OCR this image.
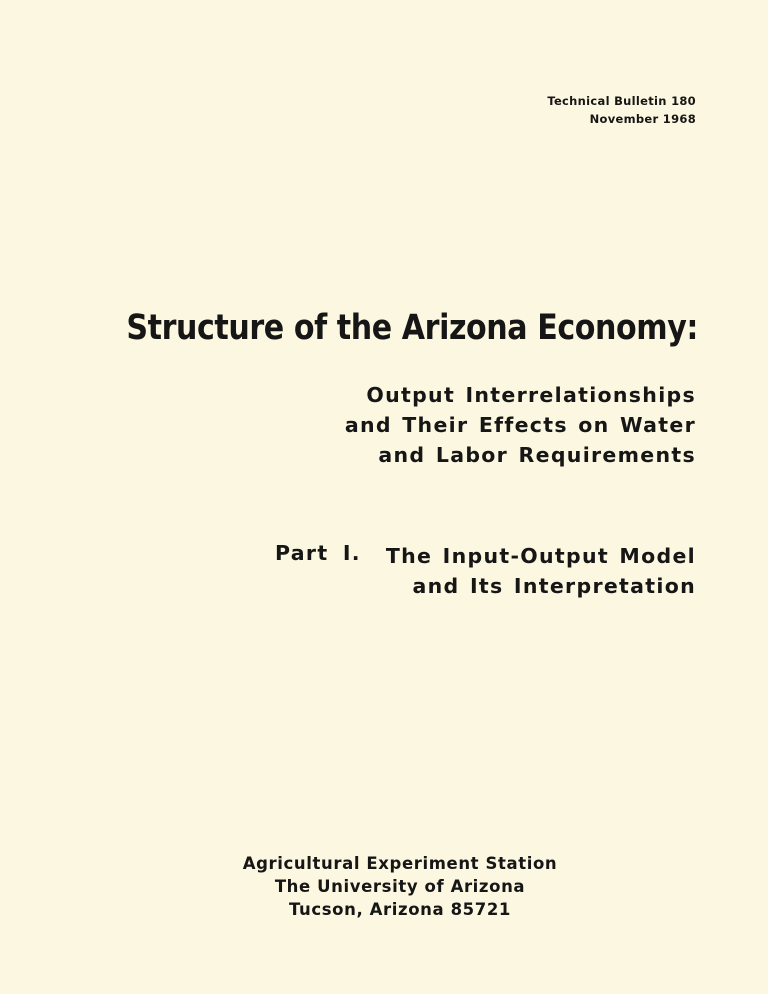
Technical Bulletin 180
November 1968
Structure of the Arizona Economy:
Output Interrelationships
and Their Effects on Water
and Labor Requirements
Part I. The Input-Output Model
and Its Interpretation
Agricultural Experiment Station
The University of Arizona
Tucson, Arizona 85721
